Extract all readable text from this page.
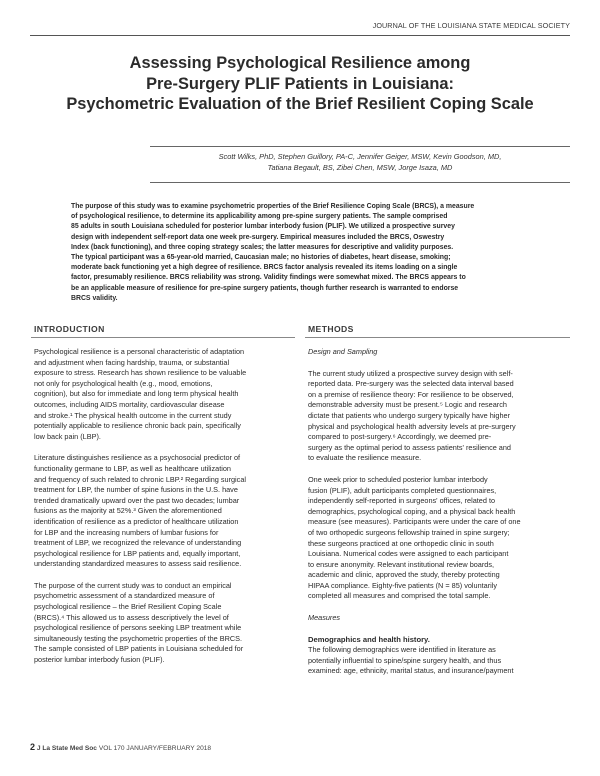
JOURNAL OF THE LOUISIANA STATE MEDICAL SOCIETY
Assessing Psychological Resilience among
Pre-Surgery PLIF Patients in Louisiana:
Psychometric Evaluation of the Brief Resilient Coping Scale
Scott Wilks, PhD, Stephen Guillory, PA-C, Jennifer Geiger, MSW, Kevin Goodson, MD,
Tatiana Begault, BS, Zibei Chen, MSW, Jorge Isaza, MD
The purpose of this study was to examine psychometric properties of the Brief Resilience Coping Scale (BRCS), a measure
of psychological resilience, to determine its applicability among pre-spine surgery patients. The sample comprised
85 adults in south Louisiana scheduled for posterior lumbar interbody fusion (PLIF). We utilized a prospective survey
design with independent self-report data one week pre-surgery. Empirical measures included the BRCS, Oswestry
Index (back functioning), and three coping strategy scales; the latter measures for descriptive and validity purposes.
The typical participant was a 65-year-old married, Caucasian male; no histories of diabetes, heart disease, smoking;
moderate back functioning yet a high degree of resilience. BRCS factor analysis revealed its items loading on a single
factor, presumably resilience. BRCS reliability was strong. Validity findings were somewhat mixed. The BRCS appears to
be an applicable measure of resilience for pre-spine surgery patients, though further research is warranted to endorse
BRCS validity.
INTRODUCTION

Psychological resilience is a personal characteristic of adaptation
and adjustment when facing hardship, trauma, or substantial
exposure to stress. Research has shown resilience to be valuable
not only for psychological health (e.g., mood, emotions,
cognition), but also for immediate and long term physical health
outcomes, including AIDS mortality, cardiovascular disease
and stroke.¹ The physical health outcome in the current study
potentially applicable to resilience chronic back pain, specifically
low back pain (LBP).

Literature distinguishes resilience as a psychosocial predictor of
functionality germane to LBP, as well as healthcare utilization
and frequency of such related to chronic LBP.² Regarding surgical
treatment for LBP, the number of spine fusions in the U.S. have
trended dramatically upward over the past two decades; lumbar
fusions as the majority at 52%.³ Given the aforementioned
identification of resilience as a predictor of healthcare utilization
for LBP and the increasing numbers of lumbar fusions for
treatment of LBP, we recognized the relevance of understanding
psychological resilience for LBP patients and, equally important,
understanding standardized measures to assess said resilience.

The purpose of the current study was to conduct an empirical
psychometric assessment of a standardized measure of
psychological resilience – the Brief Resilient Coping Scale
(BRCS).⁴ This allowed us to assess descriptively the level of
psychological resilience of persons seeking LBP treatment while
simultaneously testing the psychometric properties of the BRCS.
The sample consisted of LBP patients in Louisiana scheduled for
posterior lumbar interbody fusion (PLIF).

METHODS

Design and Sampling

The current study utilized a prospective survey design with self-
reported data. Pre-surgery was the selected data interval based
on a premise of resilience theory: For resilience to be observed,
demonstrable adversity must be present.⁵ Logic and research
dictate that patients who undergo surgery typically have higher
physical and psychological health adversity levels at pre-surgery
compared to post-surgery.⁶ Accordingly, we deemed pre-
surgery as the optimal period to assess patients' resilience and
to evaluate the resilience measure.

One week prior to scheduled posterior lumbar interbody
fusion (PLIF), adult participants completed questionnaires,
independently self-reported in surgeons' offices, related to
demographics, psychological coping, and a physical back health
measure (see measures). Participants were under the care of one
of two orthopedic surgeons fellowship trained in spine surgery;
these surgeons practiced at one orthopedic clinic in south
Louisiana. Numerical codes were assigned to each participant
to ensure anonymity. Relevant institutional review boards,
academic and clinic, approved the study, thereby protecting
HIPAA compliance. Eighty-five patients (N = 85) voluntarily
completed all measures and comprised the total sample.

Measures

Demographics and health history.

The following demographics were identified in literature as
potentially influential to spine/spine surgery health, and thus
examined: age, ethnicity, marital status, and insurance/payment

2 J La State Med Soc VOL 170 JANUARY/FEBRUARY 2018
